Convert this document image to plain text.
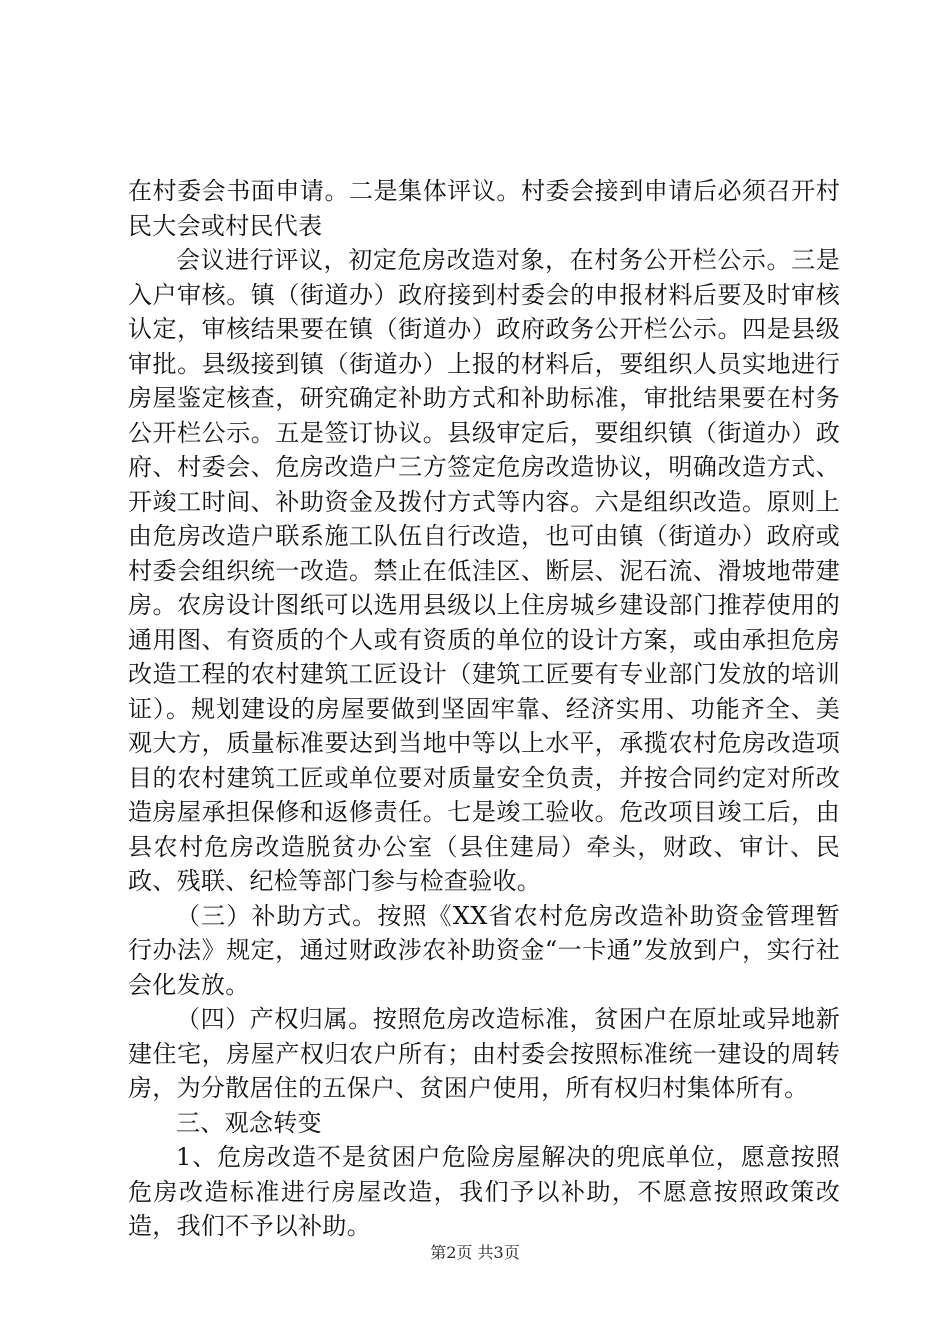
在村委会书面申请。二是集体评议。村委会接到申请后必须召开村民大会或村民代表

会议进行评议，初定危房改造对象，在村务公开栏公示。三是入户审核。镇（街道办）政府接到村委会的申报材料后要及时审核认定，审核结果要在镇（街道办）政府政务公开栏公示。四是县级审批。县级接到镇（街道办）上报的材料后，要组织人员实地进行房屋鉴定核查，研究确定补助方式和补助标准，审批结果要在村务公开栏公示。五是签订协议。县级审定后，要组织镇（街道办）政府、村委会、危房改造户三方签定危房改造协议，明确改造方式、开竣工时间、补助资金及拨付方式等内容。六是组织改造。原则上由危房改造户联系施工队伍自行改造，也可由镇（街道办）政府或村委会组织统一改造。禁止在低洼区、断层、泥石流、滑坡地带建房。农房设计图纸可以选用县级以上住房城乡建设部门推荐使用的通用图、有资质的个人或有资质的单位的设计方案，或由承担危房改造工程的农村建筑工匠设计（建筑工匠要有专业部门发放的培训证）。规划建设的房屋要做到坚固牢靠、经济实用、功能齐全、美观大方，质量标准要达到当地中等以上水平，承揽农村危房改造项目的农村建筑工匠或单位要对质量安全负责，并按合同约定对所改造房屋承担保修和返修责任。七是竣工验收。危改项目竣工后，由县农村危房改造脱贫办公室（县住建局）牵头，财政、审计、民政、残联、纪检等部门参与检查验收。

（三）补助方式。按照《XX省农村危房改造补助资金管理暂行办法》规定，通过财政涉农补助资金“一卡通”发放到户，实行社会化发放。

（四）产权归属。按照危房改造标准，贫困户在原址或异地新建住宅，房屋产权归农户所有；由村委会按照标准统一建设的周转房，为分散居住的五保户、贫困户使用，所有权归村集体所有。

三、观念转变

1、危房改造不是贫困户危险房屋解决的兜底单位，愿意按照危房改造标准进行房屋改造，我们予以补助，不愿意按照政策改造，我们不予以补助。

第2页 共3页
